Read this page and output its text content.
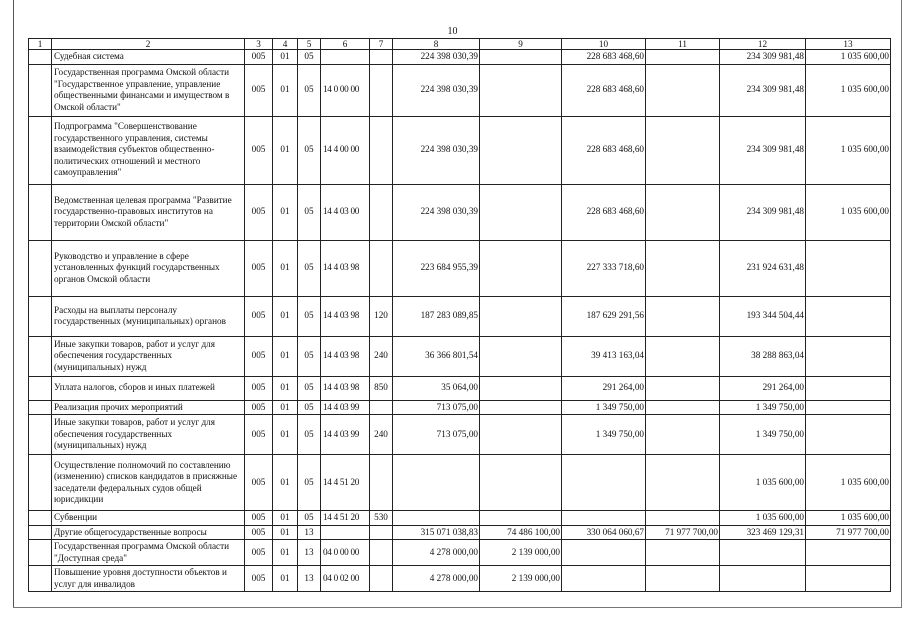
10
1	2	3	4	5	6	7	8	9	10	11	12	13
	Судебная система	005	01	05			224 398 030,39		228 683 468,60		234 309 981,48	1 035 600,00
	Государственная программа Омской области "Государственное управление, управление общественными финансами и имуществом в Омской области"	005	01	05	14 0 00 00		224 398 030,39		228 683 468,60		234 309 981,48	1 035 600,00
	Подпрограмма "Совершенствование государственного управления, системы взаимодействия субъектов общественно-политических отношений и местного самоуправления"	005	01	05	14 4 00 00		224 398 030,39		228 683 468,60		234 309 981,48	1 035 600,00
	Ведомственная целевая программа "Развитие государственно-правовых институтов на территории Омской области"	005	01	05	14 4 03 00		224 398 030,39		228 683 468,60		234 309 981,48	1 035 600,00
	Руководство и управление в сфере установленных функций государственных органов Омской области	005	01	05	14 4 03 98		223 684 955,39		227 333 718,60		231 924 631,48	
	Расходы на выплаты персоналу государственных (муниципальных) органов	005	01	05	14 4 03 98	120	187 283 089,85		187 629 291,56		193 344 504,44	
	Иные закупки товаров, работ и услуг для обеспечения государственных (муниципальных) нужд	005	01	05	14 4 03 98	240	36 366 801,54		39 413 163,04		38 288 863,04	
	Уплата налогов, сборов и иных платежей	005	01	05	14 4 03 98	850	35 064,00		291 264,00		291 264,00	
	Реализация прочих мероприятий	005	01	05	14 4 03 99		713 075,00		1 349 750,00		1 349 750,00	
	Иные закупки товаров, работ и услуг для обеспечения государственных (муниципальных) нужд	005	01	05	14 4 03 99	240	713 075,00		1 349 750,00		1 349 750,00	
	Осуществление полномочий по составлению (изменению) списков кандидатов в присяжные заседатели федеральных судов общей юрисдикции	005	01	05	14 4 51 20						1 035 600,00	1 035 600,00
	Субвенции	005	01	05	14 4 51 20	530					1 035 600,00	1 035 600,00
	Другие общегосударственные вопросы	005	01	13			315 071 038,83	74 486 100,00	330 064 060,67	71 977 700,00	323 469 129,31	71 977 700,00
	Государственная программа Омской области "Доступная среда"	005	01	13	04 0 00 00		4 278 000,00	2 139 000,00				
	Повышение уровня доступности объектов и услуг для инвалидов	005	01	13	04 0 02 00		4 278 000,00	2 139 000,00				
